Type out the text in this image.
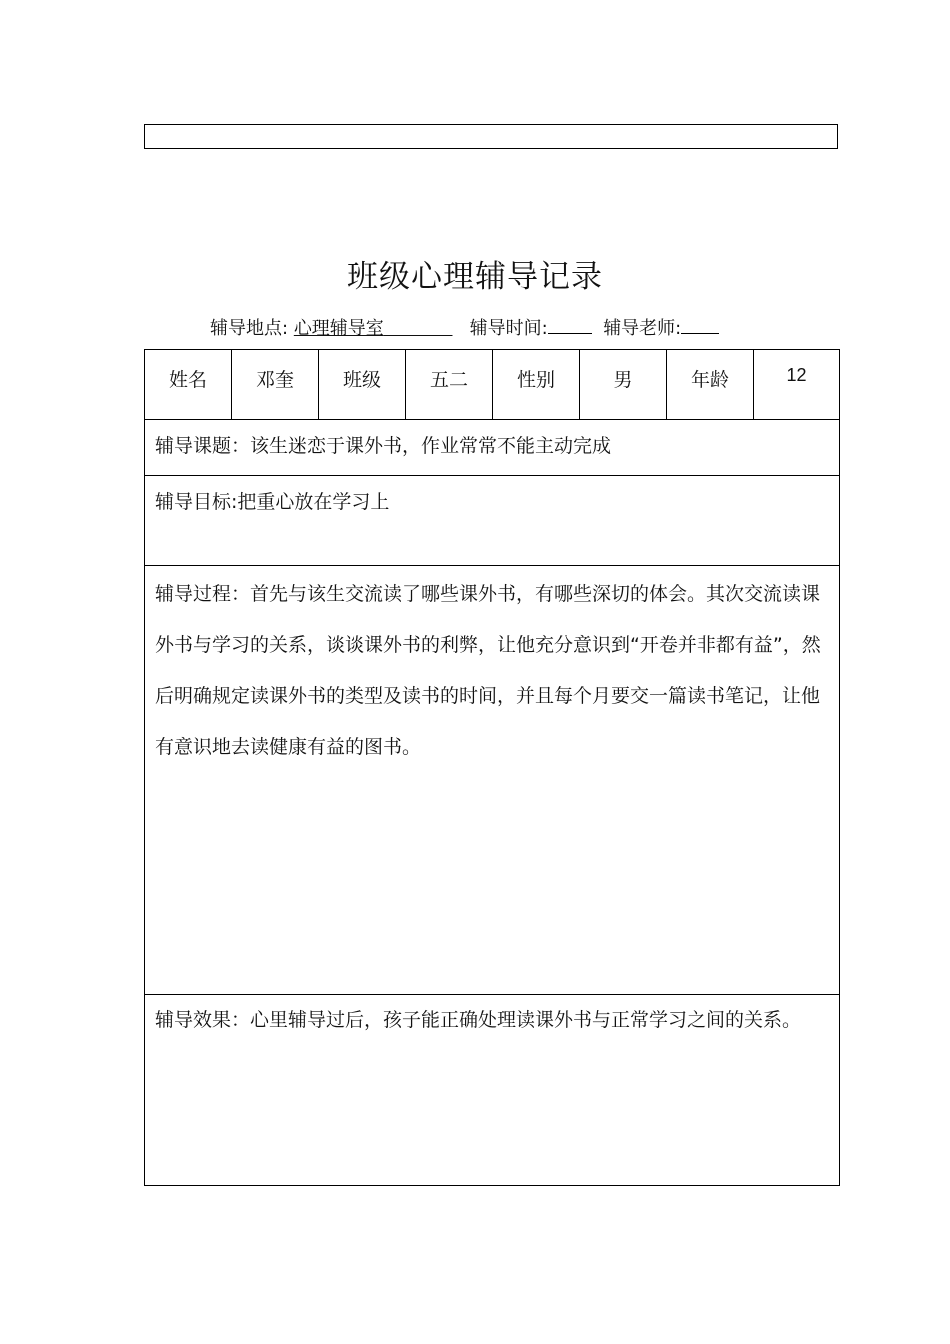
班级心理辅导记录
辅导地点: 心理辅导室	辅导时间:	辅导老师:
姓名	邓奎	班级	五二	性别	男	年龄	12

辅导课题：该生迷恋于课外书，作业常常不能主动完成

辅导目标:把重心放在学习上

辅导过程：首先与该生交流读了哪些课外书，有哪些深切的体会。其次交流读课外书与学习的关系，谈谈课外书的利弊，让他充分意识到“开卷并非都有益”，然后明确规定读课外书的类型及读书的时间，并且每个月要交一篇读书笔记，让他有意识地去读健康有益的图书。

辅导效果：心里辅导过后，孩子能正确处理读课外书与正常学习之间的关系。
